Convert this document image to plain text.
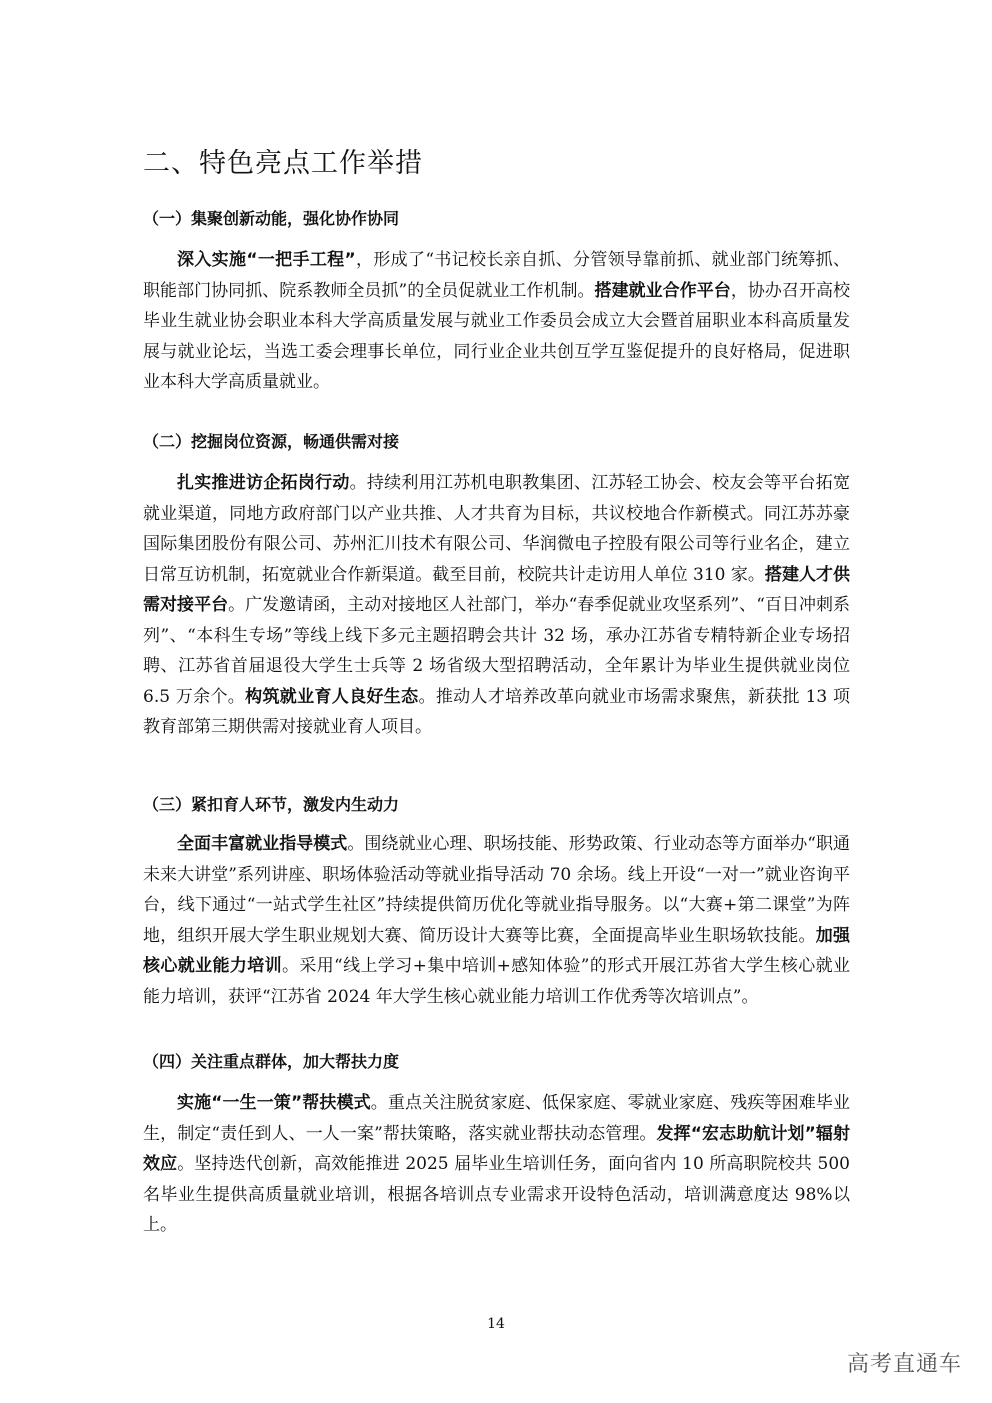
二、特色亮点工作举措
（一）集聚创新动能，强化协作协同
深入实施“一把手工程”，形成了“书记校长亲自抓、分管领导靠前抓、就业部门统筹抓、职能部门协同抓、院系教师全员抓”的全员促就业工作机制。搭建就业合作平台，协办召开高校毕业生就业协会职业本科大学高质量发展与就业工作委员会成立大会暨首届职业本科高质量发展与就业论坛，当选工委会理事长单位，同行业企业共创互学互鉴促提升的良好格局，促进职业本科大学高质量就业。
（二）挖掘岗位资源，畅通供需对接
扎实推进访企拓岗行动。持续利用江苏机电职教集团、江苏轻工协会、校友会等平台拓宽就业渠道，同地方政府部门以产业共推、人才共育为目标，共议校地合作新模式。同江苏苏豪国际集团股份有限公司、苏州汇川技术有限公司、华润微电子控股有限公司等行业名企，建立日常互访机制，拓宽就业合作新渠道。截至目前，校院共计走访用人单位 310 家。搭建人才供需对接平台。广发邀请函，主动对接地区人社部门，举办“春季促就业攻坚系列”、“百日冲刺系列”、“本科生专场”等线上线下多元主题招聘会共计 32 场，承办江苏省专精特新企业专场招聘、江苏省首届退役大学生士兵等 2 场省级大型招聘活动，全年累计为毕业生提供就业岗位 6.5 万余个。构筑就业育人良好生态。推动人才培养改革向就业市场需求聚焦，新获批 13 项教育部第三期供需对接就业育人项目。
（三）紧扣育人环节，激发内生动力
全面丰富就业指导模式。围绕就业心理、职场技能、形势政策、行业动态等方面举办“职通未来大讲堂”系列讲座、职场体验活动等就业指导活动 70 余场。线上开设“一对一”就业咨询平台，线下通过“一站式学生社区”持续提供简历优化等就业指导服务。以“大赛+第二课堂”为阵地，组织开展大学生职业规划大赛、简历设计大赛等比赛，全面提高毕业生职场软技能。加强核心就业能力培训。采用“线上学习+集中培训+感知体验”的形式开展江苏省大学生核心就业能力培训，获评“江苏省 2024 年大学生核心就业能力培训工作优秀等次培训点”。
（四）关注重点群体，加大帮扶力度
实施“一生一策”帮扶模式。重点关注脱贫家庭、低保家庭、零就业家庭、残疾等困难毕业生，制定“责任到人、一人一案”帮扶策略，落实就业帮扶动态管理。发挥“宏志助航计划”辐射效应。坚持迭代创新，高效能推进 2025 届毕业生培训任务，面向省内 10 所高职院校共 500 名毕业生提供高质量就业培训，根据各培训点专业需求开设特色活动，培训满意度达 98%以上。
14
高考直通车
